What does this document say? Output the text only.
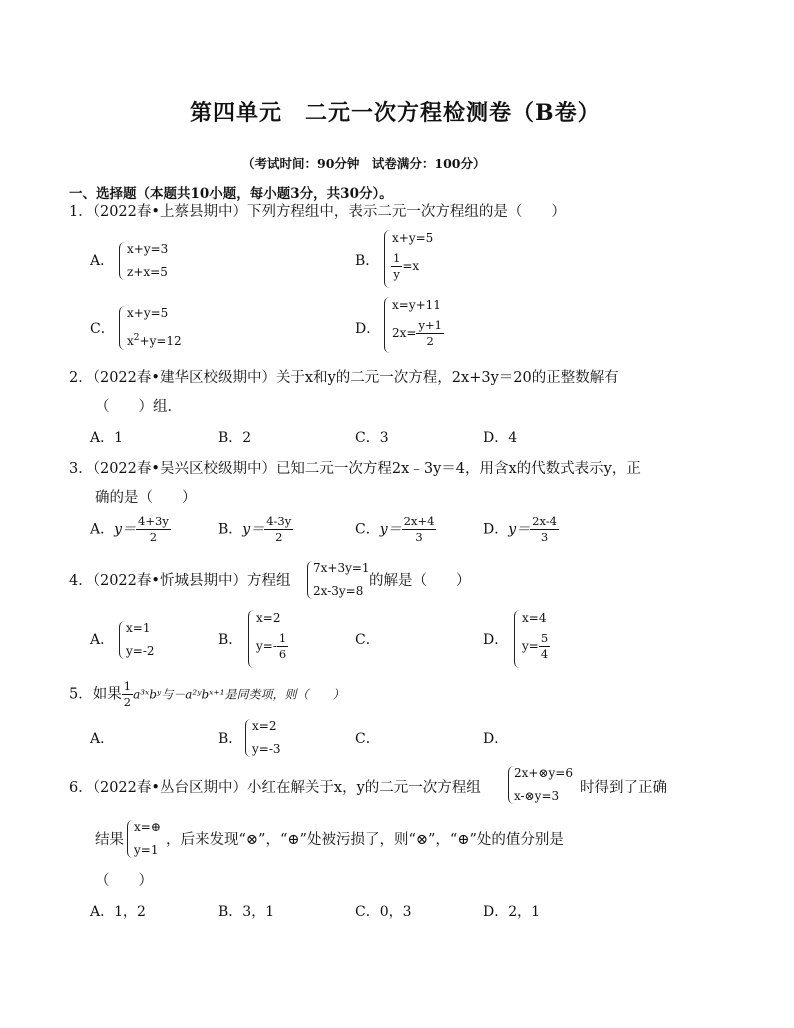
第四单元　二元一次方程检测卷（B卷）
（考试时间：90分钟　试卷满分：100分）
一、选择题（本题共10小题，每小题3分，共30分）。
1．（2022春•上蔡县期中）下列方程组中，表示二元一次方程组的是（　　）
A．
x+y=3
z+x=5
B．
x+y=5
$\frac{1}{y} =x$
C．
x+y=5
$x^2+y=12$
D．
x=y+11
$2x= \frac{y+1}{2}$
2．（2022春•建华区校级期中）关于x和y的二元一次方程，2x+3y＝20的正整数解有
（　　）组．
A．1	B．2	C．3	D．4
3．（2022春•吴兴区校级期中）已知二元一次方程2x﹣3y＝4，用含x的代数式表示y，正
确的是（　　）
A．$y= \frac{4+3y}{2}$	B．$y= \frac{4-3y}{2}$	C．$y= \frac{2x+4}{3}$	D．$y= \frac{2x-4}{3}$
4．（2022春•忻城县期中）方程组
7x+3y=1
2x-3y=8
的解是（　　）
A．
x=1
y=-2
B．
x=2
$y=- \frac{1}{6}$	C．	D．
x=4
$y= \frac{5}{4}$
5．如果 $\frac{1}{2}$ a³ˣbʸ与－a²ʸbˣ⁺¹是同类项，则（　　）
A．	B．
x=2
y=-3
C．	D．
6．（2022春•丛台区期中）小红在解关于x，y的二元一次方程组
2x+⊗y=6
x-⊗y=3 时得到了正确
结果
x=⊕
y=1
，后来发现“⊗”，“⊕”处被污损了，则“⊗”，“⊕”处的值分别是
（　　）
A．1，2	B．3，1	C．0，3	D．2，1
